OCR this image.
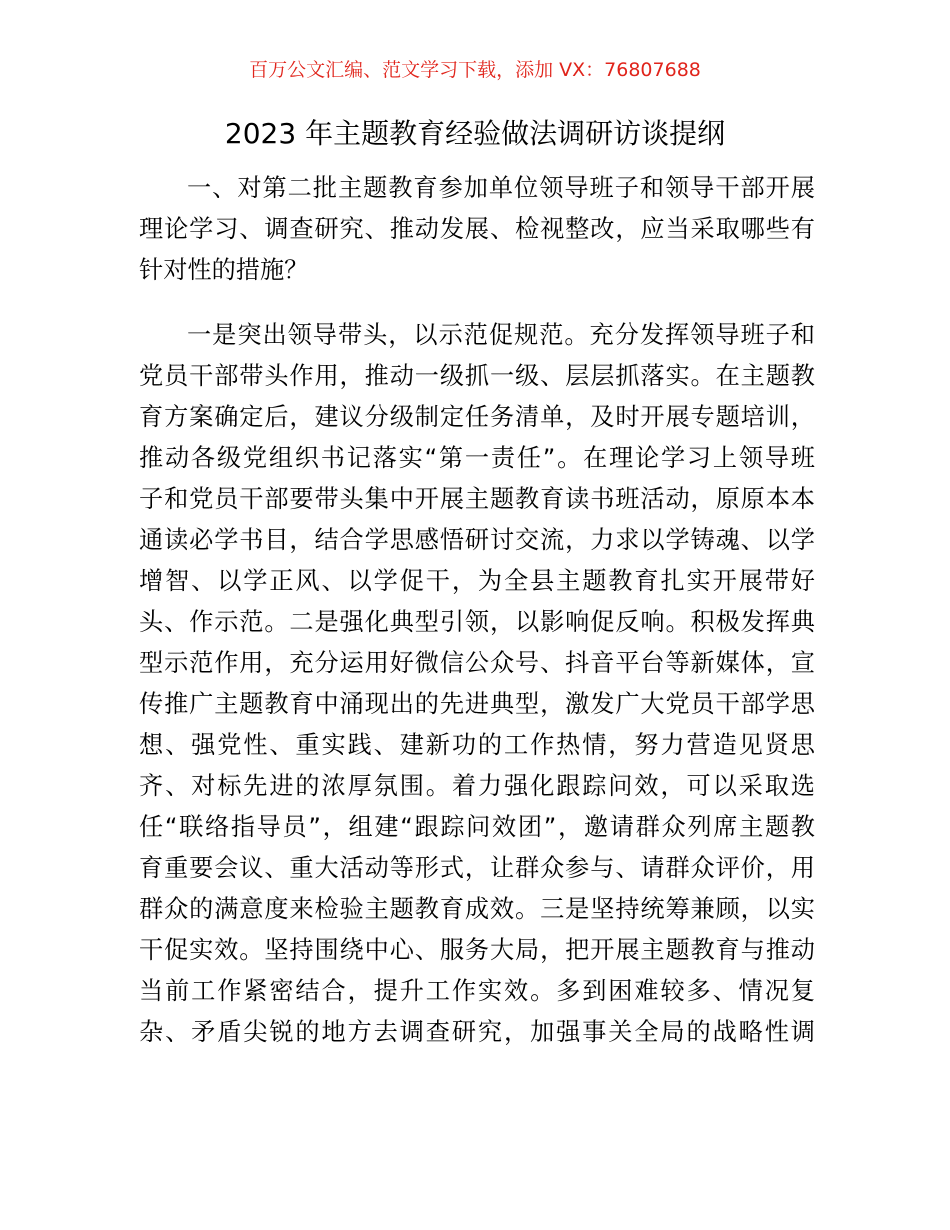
百万公文汇编、范文学习下载，添加 VX：76807688
2023 年主题教育经验做法调研访谈提纲

一、对第二批主题教育参加单位领导班子和领导干部开展
理论学习、调查研究、推动发展、检视整改，应当采取哪些有
针对性的措施？

一是突出领导带头，以示范促规范。充分发挥领导班子和
党员干部带头作用，推动一级抓一级、层层抓落实。在主题教
育方案确定后，建议分级制定任务清单，及时开展专题培训，
推动各级党组织书记落实“第一责任”。在理论学习上领导班
子和党员干部要带头集中开展主题教育读书班活动，原原本本
通读必学书目，结合学思感悟研讨交流，力求以学铸魂、以学
增智、以学正风、以学促干，为全县主题教育扎实开展带好
头、作示范。二是强化典型引领，以影响促反响。积极发挥典
型示范作用，充分运用好微信公众号、抖音平台等新媒体，宣
传推广主题教育中涌现出的先进典型，激发广大党员干部学思
想、强党性、重实践、建新功的工作热情，努力营造见贤思
齐、对标先进的浓厚氛围。着力强化跟踪问效，可以采取选
任“联络指导员”，组建“跟踪问效团”，邀请群众列席主题教
育重要会议、重大活动等形式，让群众参与、请群众评价，用
群众的满意度来检验主题教育成效。三是坚持统筹兼顾，以实
干促实效。坚持围绕中心、服务大局，把开展主题教育与推动
当前工作紧密结合，提升工作实效。多到困难较多、情况复
杂、矛盾尖锐的地方去调查研究，加强事关全局的战略性调
